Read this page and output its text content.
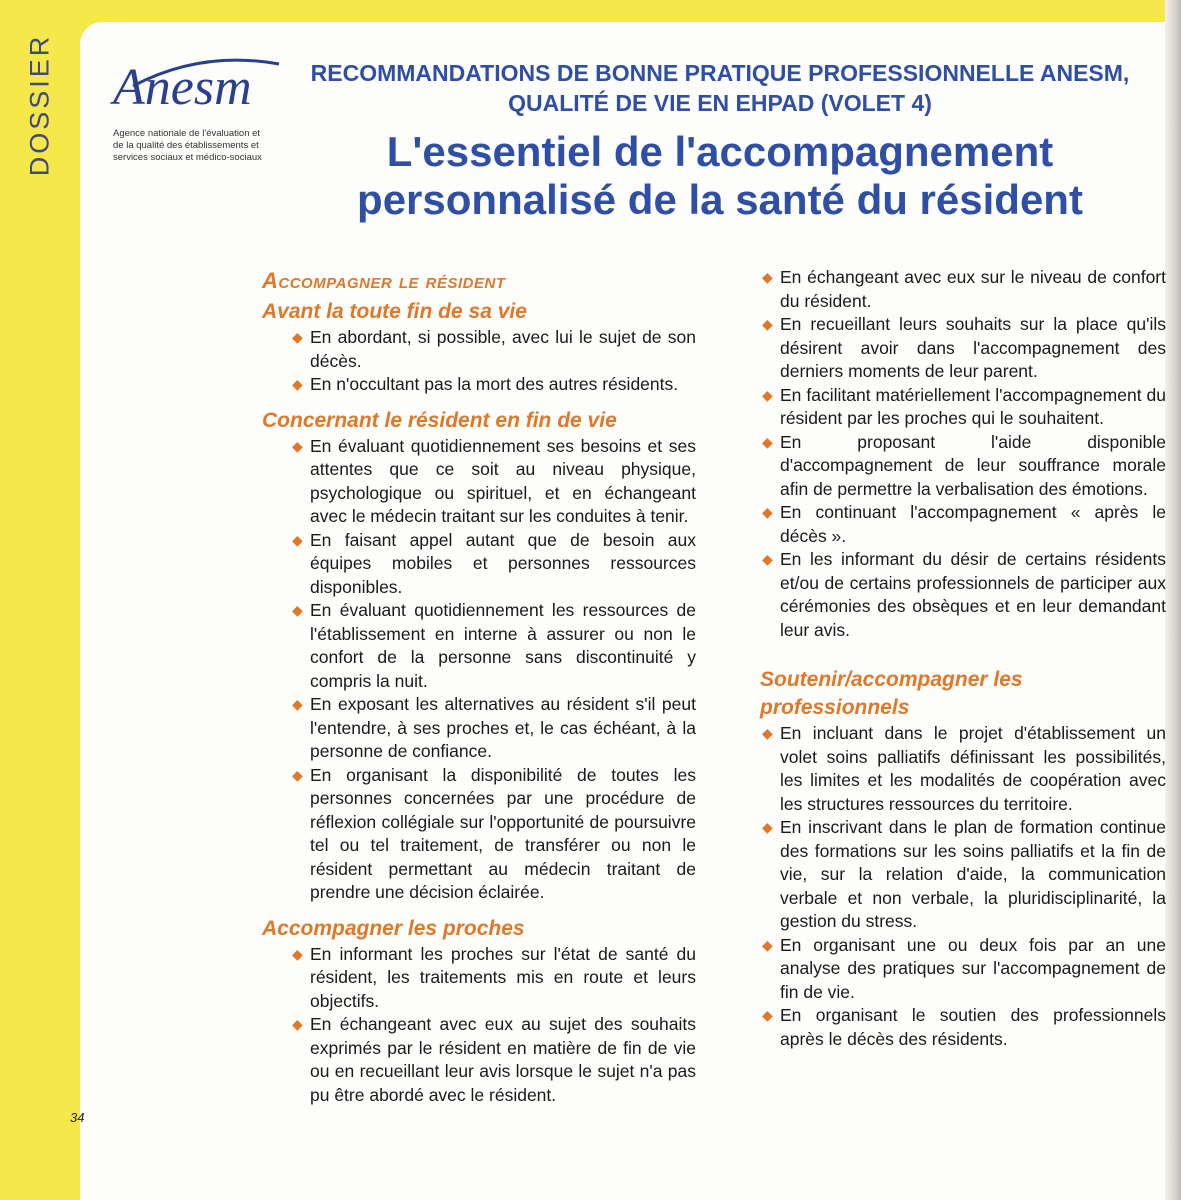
DOSSIER Anesm
Agence nationale de l'évaluation et de la qualité des établissements et services sociaux et médico-sociaux
RECOMMANDATIONS DE BONNE PRATIQUE PROFESSIONNELLE ANESM,
QUALITÉ DE VIE EN EHPAD (VOLET 4)
L'essentiel de l'accompagnement
personnalisé de la santé du résident
Accompagner le résident
Avant la toute fin de sa vie
◆ En abordant, si possible, avec lui le sujet de son décès.
◆ En n'occultant pas la mort des autres résidents.
Concernant le résident en fin de vie
◆ En évaluant quotidiennement ses besoins et ses attentes que ce soit au niveau physique, psychologique ou spirituel, et en échangeant avec le médecin traitant sur les conduites à tenir.
◆ En faisant appel autant que de besoin aux équipes mobiles et personnes ressources disponibles.
◆ En évaluant quotidiennement les ressources de l'établissement en interne à assurer ou non le confort de la personne sans discontinuité y compris la nuit.
◆ En exposant les alternatives au résident s'il peut l'entendre, à ses proches et, le cas échéant, à la personne de confiance.
◆ En organisant la disponibilité de toutes les personnes concernées par une procédure de réflexion collégiale sur l'opportunité de poursuivre tel ou tel traitement, de transférer ou non le résident permettant au médecin traitant de prendre une décision éclairée.
Accompagner les proches
◆ En informant les proches sur l'état de santé du résident, les traitements mis en route et leurs objectifs.
◆ En échangeant avec eux au sujet des souhaits exprimés par le résident en matière de fin de vie ou en recueillant leur avis lorsque le sujet n'a pas pu être abordé avec le résident.
◆ En échangeant avec eux sur le niveau de confort du résident.
◆ En recueillant leurs souhaits sur la place qu'ils désirent avoir dans l'accompagnement des derniers moments de leur parent.
◆ En facilitant matériellement l'accompagnement du résident par les proches qui le souhaitent.
◆ En proposant l'aide disponible d'accompagnement de leur souffrance morale afin de permettre la verbalisation des émotions.
◆ En continuant l'accompagnement « après le décès ».
◆ En les informant du désir de certains résidents et/ou de certains professionnels de participer aux cérémonies des obsèques et en leur demandant leur avis.
Soutenir/accompagner les professionnels
◆ En incluant dans le projet d'établissement un volet soins palliatifs définissant les possibilités, les limites et les modalités de coopération avec les structures ressources du territoire.
◆ En inscrivant dans le plan de formation continue des formations sur les soins palliatifs et la fin de vie, sur la relation d'aide, la communication verbale et non verbale, la pluridisciplinarité, la gestion du stress.
◆ En organisant une ou deux fois par an une analyse des pratiques sur l'accompagnement de fin de vie.
◆ En organisant le soutien des professionnels après le décès des résidents.
34
